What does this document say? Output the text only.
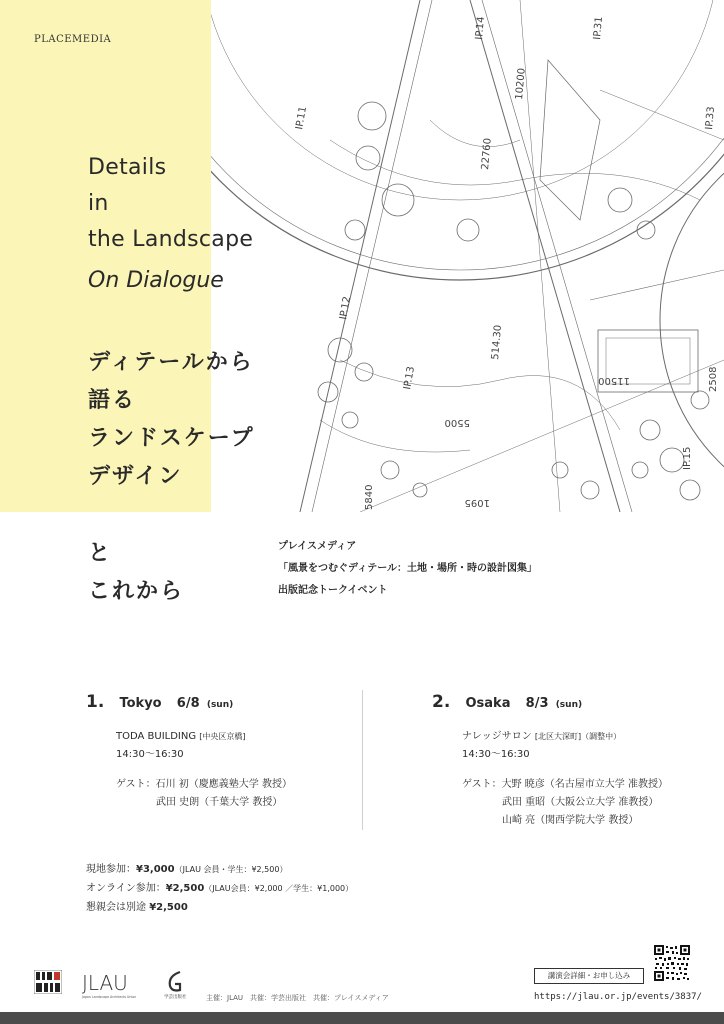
IP.11
22760
10200
IP.31
IP.33
IP.12
514.30
IP.13
5500
11500	2508
IP.15
5840	1095
IP.14
PLACEMEDIA
Details
in
the Landscape
On Dialogue
ディテールから
語る
ランドスケープ
デザイン
と
これから
プレイスメディア
「風景をつむぐディテール：土地・場所・時の設計図集」
出版記念トークイベント
1. Tokyo 6/8 (sun)
TODA BUILDING [中央区京橋]
14:30〜16:30
ゲスト：石川 初（慶應義塾大学 教授）
武田 史朗（千葉大学 教授）
2. Osaka 8/3 (sun)
ナレッジサロン [北区大深町]（調整中）
14:30〜16:30
ゲスト：大野 暁彦（名古屋市立大学 准教授）
武田 重昭（大阪公立大学 准教授）
山崎 亮（関西学院大学 教授）
現地参加：¥3,000（JLAU 会員・学生：¥2,500）
オンライン参加：¥2,500（JLAU会員：¥2,000 ／学生：¥1,000）
懇親会は別途 ¥2,500
JLAU
Japan Landscape Architects Union	学芸出版社	主催：JLAU　共催：学芸出版社　共催：プレイスメディア
講演会詳細・お申し込み
https://jlau.or.jp/events/3837/
